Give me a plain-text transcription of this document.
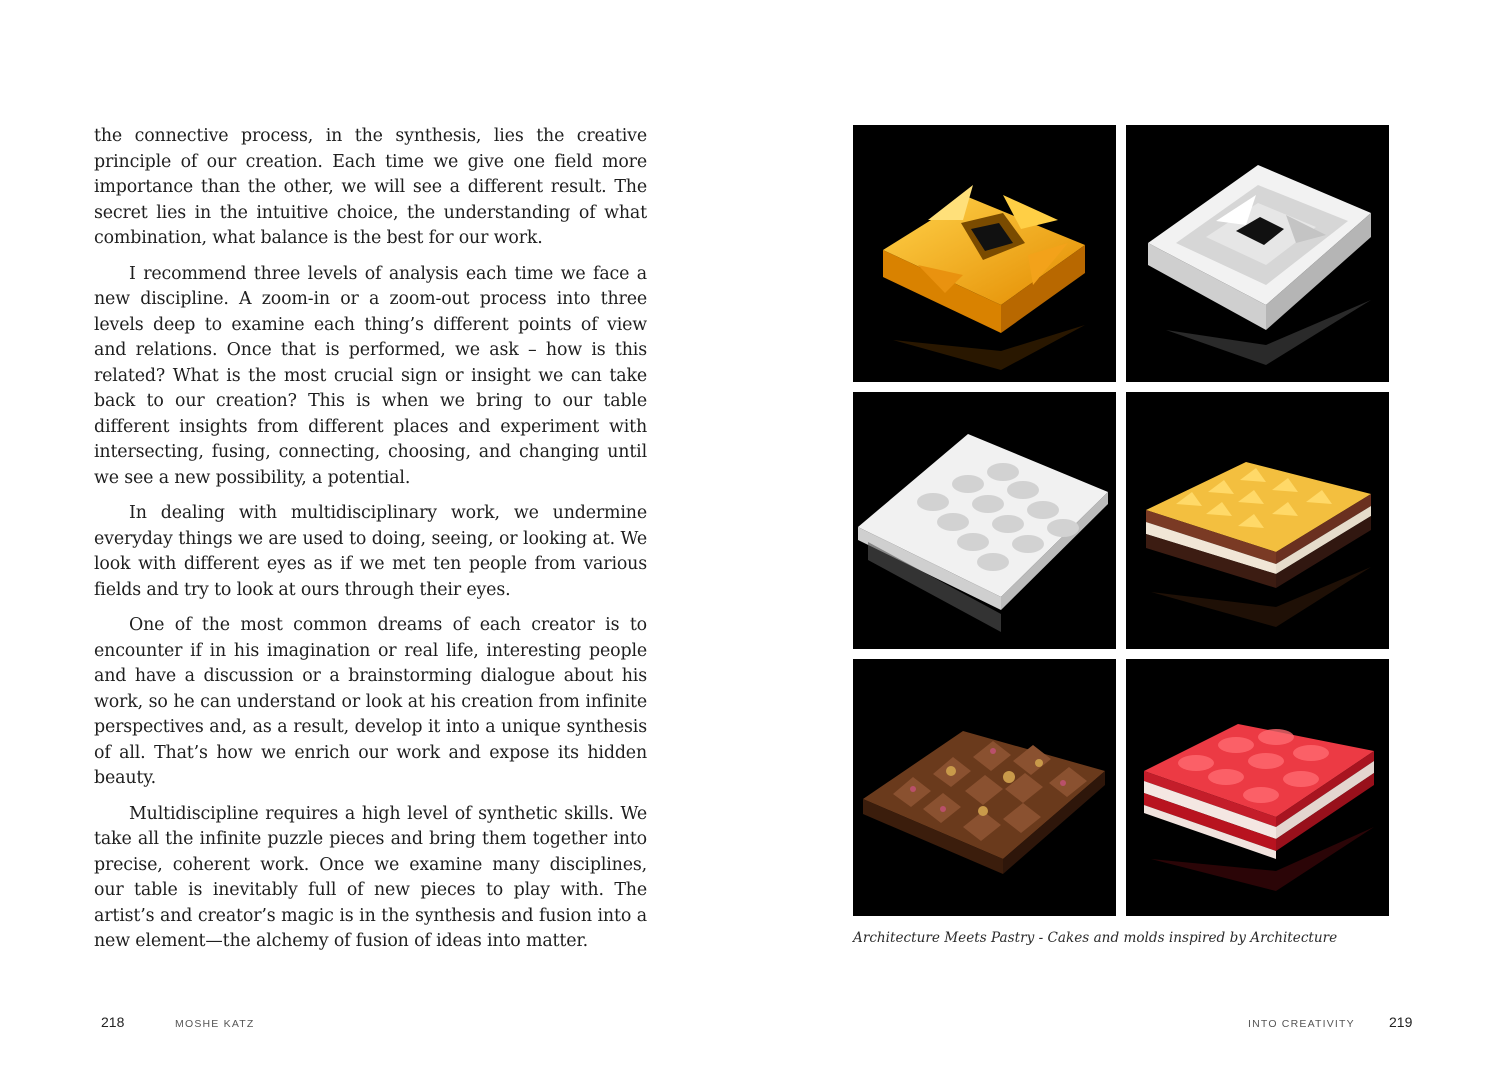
the connective process, in the synthesis, lies the creative principle of our creation. Each time we give one field more importance than the other, we will see a different result. The secret lies in the intuitive choice, the understanding of what combination, what balance is the best for our work.

I recommend three levels of analysis each time we face a new discipline. A zoom-in or a zoom-out process into three levels deep to examine each thing’s different points of view and relations. Once that is performed, we ask – how is this related? What is the most crucial sign or insight we can take back to our creation? This is when we bring to our table different insights from different places and experiment with intersecting, fusing, connecting, choosing, and changing until we see a new possibility, a potential.

In dealing with multidisciplinary work, we undermine everyday things we are used to doing, seeing, or looking at. We look with different eyes as if we met ten people from various fields and try to look at ours through their eyes.

One of the most common dreams of each creator is to encounter if in his imagination or real life, interesting people and have a discussion or a brainstorming dialogue about his work, so he can understand or look at his creation from infinite perspectives and, as a result, develop it into a unique synthesis of all. That’s how we enrich our work and expose its hidden beauty.

Multidiscipline requires a high level of synthetic skills. We take all the infinite puzzle pieces and bring them together into precise, coherent work. Once we examine many disciplines, our table is inevitably full of new pieces to play with. The artist’s and creator’s magic is in the synthesis and fusion into a new element—the alchemy of fusion of ideas into matter.	Architecture Meets Pastry - Cakes and molds inspired by Architecture
218	MOSHE KATZ	INTO CREATIVITY 219
